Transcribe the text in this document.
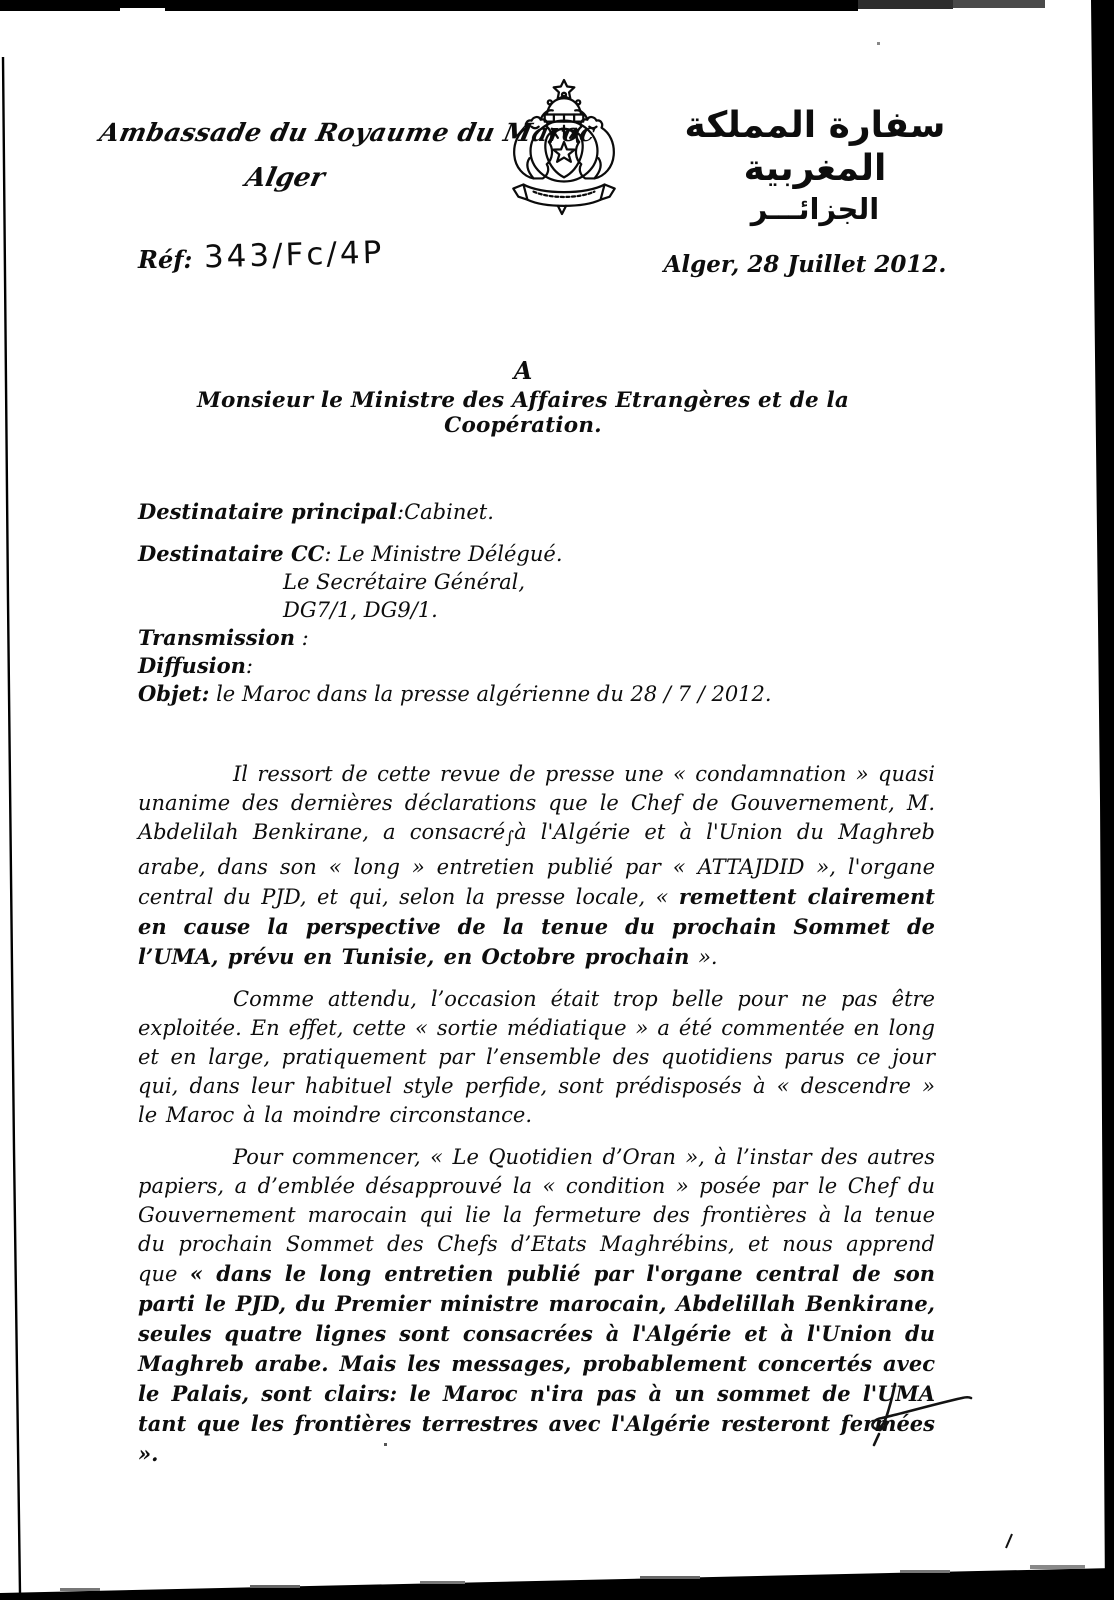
Ambassade du Royaume du Maroc
Alger
Réf: 343/Fc/4P
سفارة المملكة المغربية
الجزائـــر
Alger, 28 Juillet 2012.
A
Monsieur le Ministre des Affaires Etrangères et de la Coopération.
Destinataire principal:Cabinet.
Destinataire CC: Le Ministre Délégué.
Le Secrétaire Général,
DG7/1, DG9/1.
Transmission :
Diffusion:
Objet: le Maroc dans la presse algérienne du 28 / 7 / 2012.

Il ressort de cette revue de presse une « condamnation » quasi unanime des dernières déclarations que le Chef de Gouvernement, M. Abdelilah Benkirane, a consacré∫à l'Algérie et à l'Union du Maghreb arabe, dans son « long » entretien publié par « ATTAJDID », l'organe central du PJD, et qui, selon la presse locale, « remettent clairement en cause la perspective de la tenue du prochain Sommet de l’UMA, prévu en Tunisie, en Octobre prochain ».

Comme attendu, l’occasion était trop belle pour ne pas être exploitée. En effet, cette « sortie médiatique » a été commentée en long et en large, pratiquement par l’ensemble des quotidiens parus ce jour qui, dans leur habituel style perfide, sont prédisposés à « descendre » le Maroc à la moindre circonstance.

Pour commencer, « Le Quotidien d’Oran », à l’instar des autres papiers, a d’emblée désapprouvé la « condition » posée par le Chef du Gouvernement marocain qui lie la fermeture des frontières à la tenue du prochain Sommet des Chefs d’Etats Maghrébins, et nous apprend que « dans le long entretien publié par l'organe central de son parti le PJD, du Premier ministre marocain, Abdelillah Benkirane, seules quatre lignes sont consacrées à l'Algérie et à l'Union du Maghreb arabe. Mais les messages, probablement concertés avec le Palais, sont clairs: le Maroc n'ira pas à un sommet de l'UMA tant que les frontières terrestres avec l'Algérie resteront fermées ».
